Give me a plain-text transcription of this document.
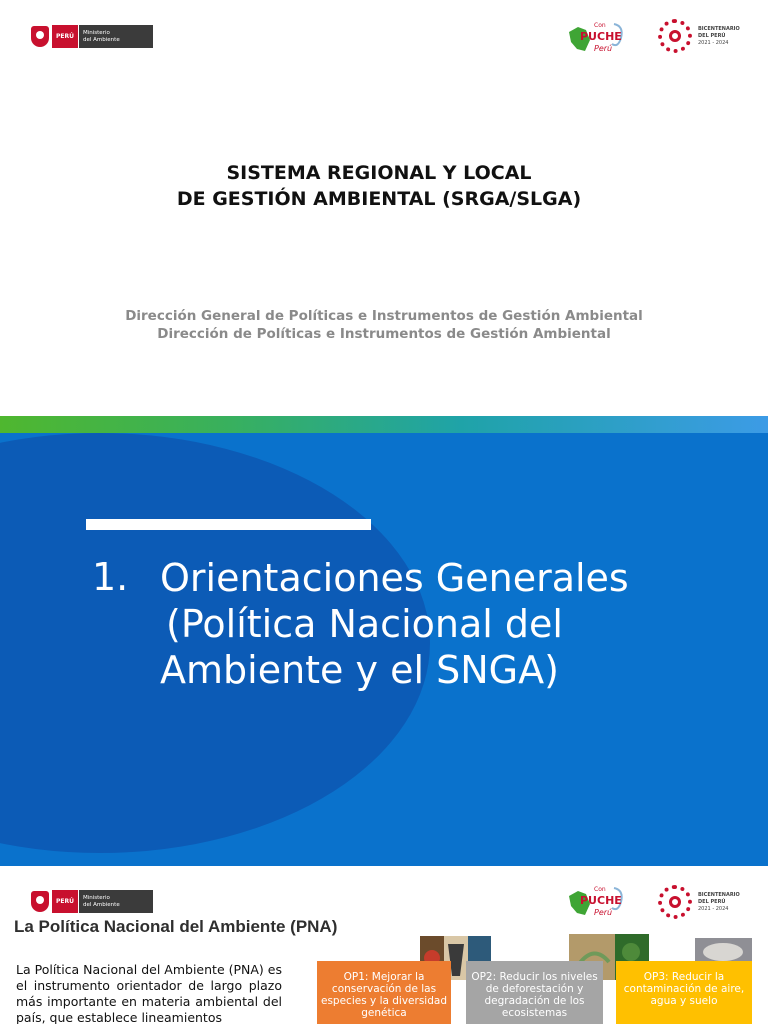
PERÚ
Ministerio
del Ambiente
Con
PUCHE
Perú
BICENTENARIO
DEL PERÚ
2021 - 2024
SISTEMA REGIONAL Y LOCAL
DE GESTIÓN AMBIENTAL (SRGA/SLGA)
Dirección General de Políticas e Instrumentos de Gestión Ambiental
Dirección de Políticas e Instrumentos de Gestión Ambiental
1. Orientaciones Generales
(Política Nacional del
Ambiente y el SNGA)
PERÚ
Ministerio
del Ambiente
Con
PUCHE
Perú
BICENTENARIO
DEL PERÚ
2021 - 2024
La Política Nacional del Ambiente (PNA)
La Política Nacional del Ambiente (PNA) es el instrumento orientador de largo plazo más importante en materia ambiental del país, que establece lineamientos
OP1: Mejorar la conservación de las especies y la diversidad genética
OP2: Reducir los niveles de deforestación y degradación de los ecosistemas
OP3: Reducir la contaminación de aire, agua y suelo
